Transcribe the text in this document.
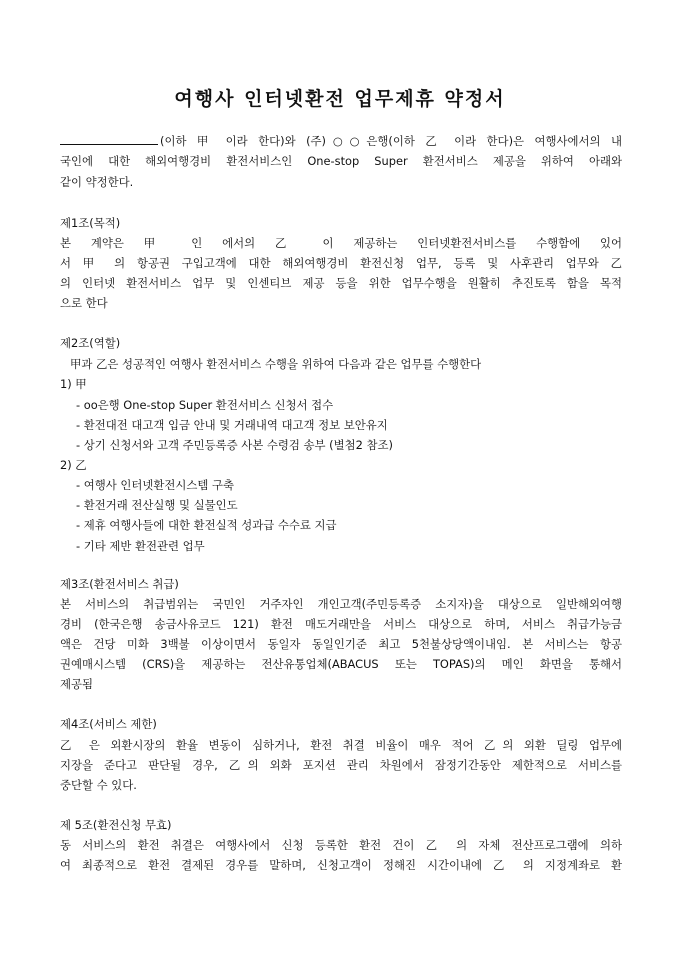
여행사 인터넷환전 업무제휴 약정서

(이하 甲 이라 한다)와 (주)○○은행(이하 乙 이라 한다)은 여행사에서의 내

국인에 대한 해외여행경비 환전서비스인 One-stop Super 환전서비스 제공을 위하여 아래와

같이 약정한다.

제1조(목적)

본 계약은 甲 인 에서의 乙 이 제공하는 인터넷환전서비스를 수행함에 있어

서 甲 의 항공권 구입고객에 대한 해외여행경비 환전신청 업무, 등록 및 사후관리 업무와 乙

의 인터넷 환전서비스 업무 및 인센티브 제공 등을 위한 업무수행을 원활히 추진토록 함을 목적

으로 한다

제2조(역할)

甲과 乙은 성공적인 여행사 환전서비스 수행을 위하여 다음과 같은 업무를 수행한다

1) 甲

- oo은행 One-stop Super 환전서비스 신청서 접수

- 환전대전 대고객 입금 안내 및 거래내역 대고객 정보 보안유지

- 상기 신청서와 고객 주민등록증 사본 수령검 송부 (별첨2 참조)

2) 乙

- 여행사 인터넷환전시스템 구축

- 환전거래 전산실행 및 실물인도

- 제휴 여행사들에 대한 환전실적 성과급 수수료 지급

- 기타 제반 환전관련 업무

제3조(환전서비스 취급)

본 서비스의 취급범위는 국민인 거주자인 개인고객(주민등록증 소지자)을 대상으로 일반해외여행

경비 (한국은행 송금사유코드 121) 환전 매도거래만을 서비스 대상으로 하며, 서비스 취급가능금

액은 건당 미화 3백불 이상이면서 동일자 동일인기준 최고 5천불상당액이내임. 본 서비스는 항공

권예매시스템 (CRS)을 제공하는 전산유통업체(ABACUS 또는 TOPAS)의 메인 화면을 통해서

제공됨

제4조(서비스 제한)

乙 은 외환시장의 환율 변동이 심하거나, 환전 취결 비율이 매우 적어 乙의 외환 딜링 업무에

지장을 준다고 판단될 경우, 乙의 외화 포지션 관리 차원에서 잠정기간동안 제한적으로 서비스를

중단할 수 있다.

제 5조(환전신청 무효)

동 서비스의 환전 취결은 여행사에서 신청 등록한 환전 건이 乙 의 자체 전산프로그램에 의하

여 최종적으로 환전 결제된 경우를 말하며, 신청고객이 정해진 시간이내에 乙 의 지정계좌로 환
